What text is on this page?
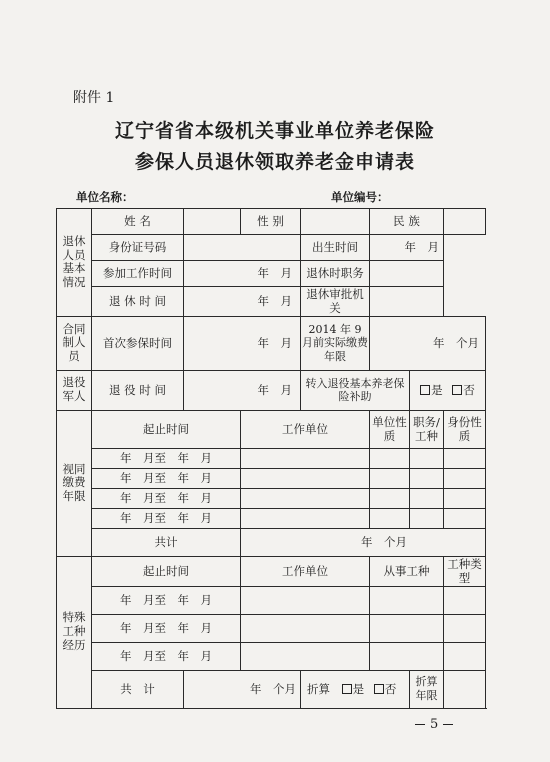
附件 1
辽宁省省本级机关事业单位养老保险
参保人员退休领取养老金申请表
单位名称：	单位编号：
退休人员基本情况	姓 名		性 别		民 族		
	身份证号码			出生时间	年　月		
	参加工作时间	年　月		退休时职务			
	退 休 时 间	年　月		退休审批机关			
合同制人员	首次参保时间	年　月		2014 年 9 月前实际缴费年限	年　个月		
退役军人	退 役 时 间	年　月		转入退役基本养老保险补助		是 否	
视同缴费年限	起止时间		工作单位		单位性质	职务/工种	身份性质
	年　月至　年　月						
	年　月至　年　月						
	年　月至　年　月						
	年　月至　年　月						
	共计		年　个月				
特殊工种经历	起止时间		工作单位		从事工种		工种类型
	年　月至　年　月						
	年　月至　年　月						
	年　月至　年　月						
	共　计	年　个月		折算 是 否		折算年限	
5
